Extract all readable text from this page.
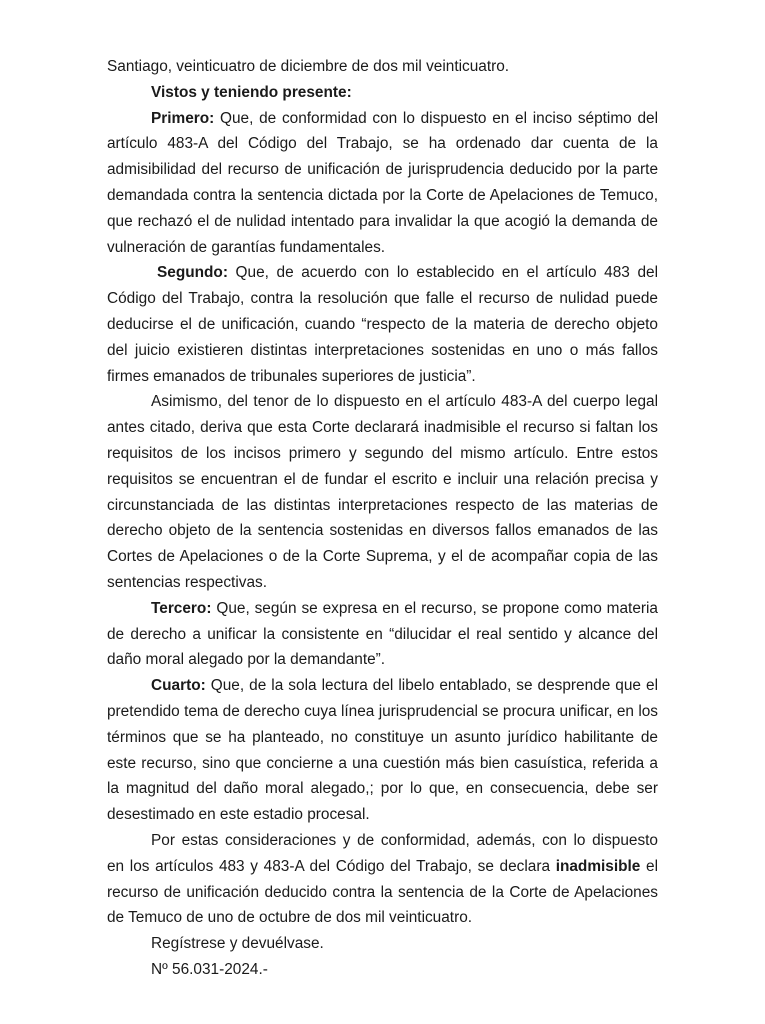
Santiago, veinticuatro de diciembre de dos mil veinticuatro.

Vistos y teniendo presente:

Primero: Que, de conformidad con lo dispuesto en el inciso séptimo del artículo 483-A del Código del Trabajo, se ha ordenado dar cuenta de la admisibilidad del recurso de unificación de jurisprudencia deducido por la parte demandada contra la sentencia dictada por la Corte de Apelaciones de Temuco, que rechazó el de nulidad intentado para invalidar la que acogió la demanda de vulneración de garantías fundamentales.

Segundo: Que, de acuerdo con lo establecido en el artículo 483 del Código del Trabajo, contra la resolución que falle el recurso de nulidad puede deducirse el de unificación, cuando “respecto de la materia de derecho objeto del juicio existieren distintas interpretaciones sostenidas en uno o más fallos firmes emanados de tribunales superiores de justicia”.

Asimismo, del tenor de lo dispuesto en el artículo 483-A del cuerpo legal antes citado, deriva que esta Corte declarará inadmisible el recurso si faltan los requisitos de los incisos primero y segundo del mismo artículo. Entre estos requisitos se encuentran el de fundar el escrito e incluir una relación precisa y circunstanciada de las distintas interpretaciones respecto de las materias de derecho objeto de la sentencia sostenidas en diversos fallos emanados de las Cortes de Apelaciones o de la Corte Suprema, y el de acompañar copia de las sentencias respectivas.

Tercero: Que, según se expresa en el recurso, se propone como materia de derecho a unificar la consistente en “dilucidar el real sentido y alcance del daño moral alegado por la demandante”.

Cuarto: Que, de la sola lectura del libelo entablado, se desprende que el pretendido tema de derecho cuya línea jurisprudencial se procura unificar, en los términos que se ha planteado, no constituye un asunto jurídico habilitante de este recurso, sino que concierne a una cuestión más bien casuística, referida a la magnitud del daño moral alegado,; por lo que, en consecuencia, debe ser desestimado en este estadio procesal.

Por estas consideraciones y de conformidad, además, con lo dispuesto en los artículos 483 y 483-A del Código del Trabajo, se declara inadmisible el recurso de unificación deducido contra la sentencia de la Corte de Apelaciones de Temuco de uno de octubre de dos mil veinticuatro.

Regístrese y devuélvase.

Nº 56.031-2024.-
